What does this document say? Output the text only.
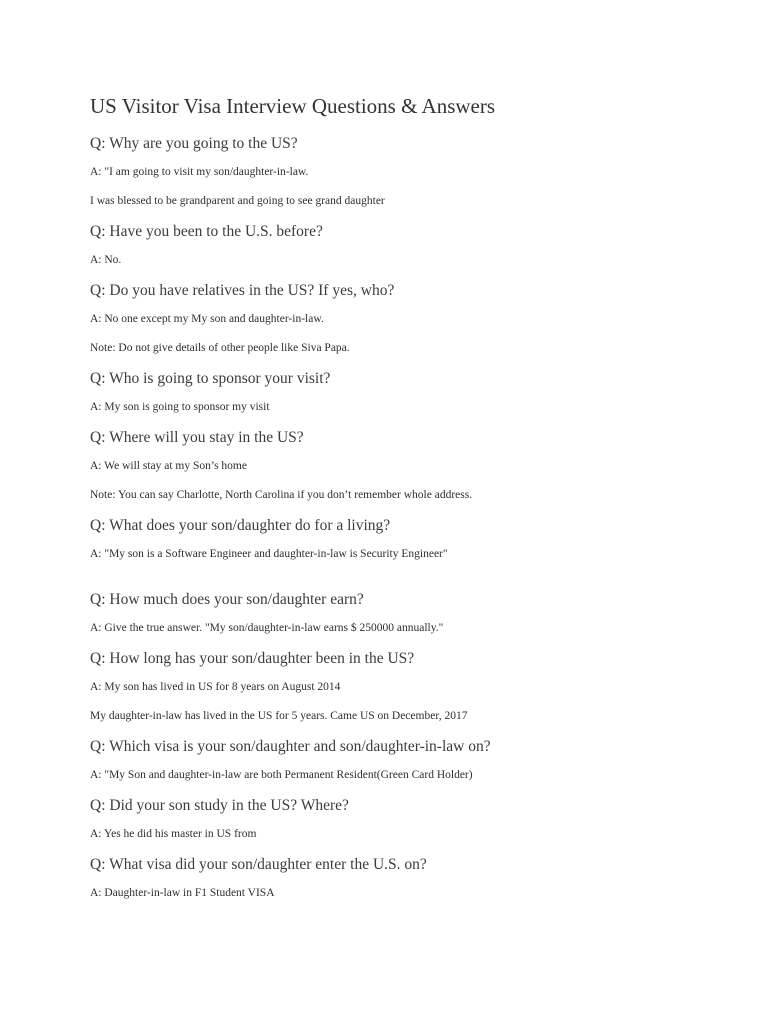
US Visitor Visa Interview Questions & Answers
Q: Why are you going to the US?
A: "I am going to visit my son/daughter-in-law.
I was blessed to be grandparent and going to see grand daughter
Q: Have you been to the U.S. before?
A: No.
Q: Do you have relatives in the US? If yes, who?
A: No one except my My son and daughter-in-law.
Note: Do not give details of other people like Siva Papa.
Q: Who is going to sponsor your visit?
A: My son is going to sponsor my visit
Q: Where will you stay in the US?
A: We will stay at my Son’s home
Note: You can say Charlotte, North Carolina if you don’t remember whole address.
Q: What does your son/daughter do for a living?
A: "My son is a Software Engineer and daughter-in-law is Security Engineer"
Q: How much does your son/daughter earn?
A: Give the true answer. "My son/daughter-in-law earns $ 250000 annually."
Q: How long has your son/daughter been in the US?
A: My son has lived in US for 8 years on August 2014
My daughter-in-law has lived in the US for 5 years. Came US on December, 2017
Q: Which visa is your son/daughter and son/daughter-in-law on?
A: "My Son and daughter-in-law are both Permanent Resident(Green Card Holder)
Q: Did your son study in the US? Where?
A: Yes he did his master in US from
Q: What visa did your son/daughter enter the U.S. on?
A: Daughter-in-law in F1 Student VISA
